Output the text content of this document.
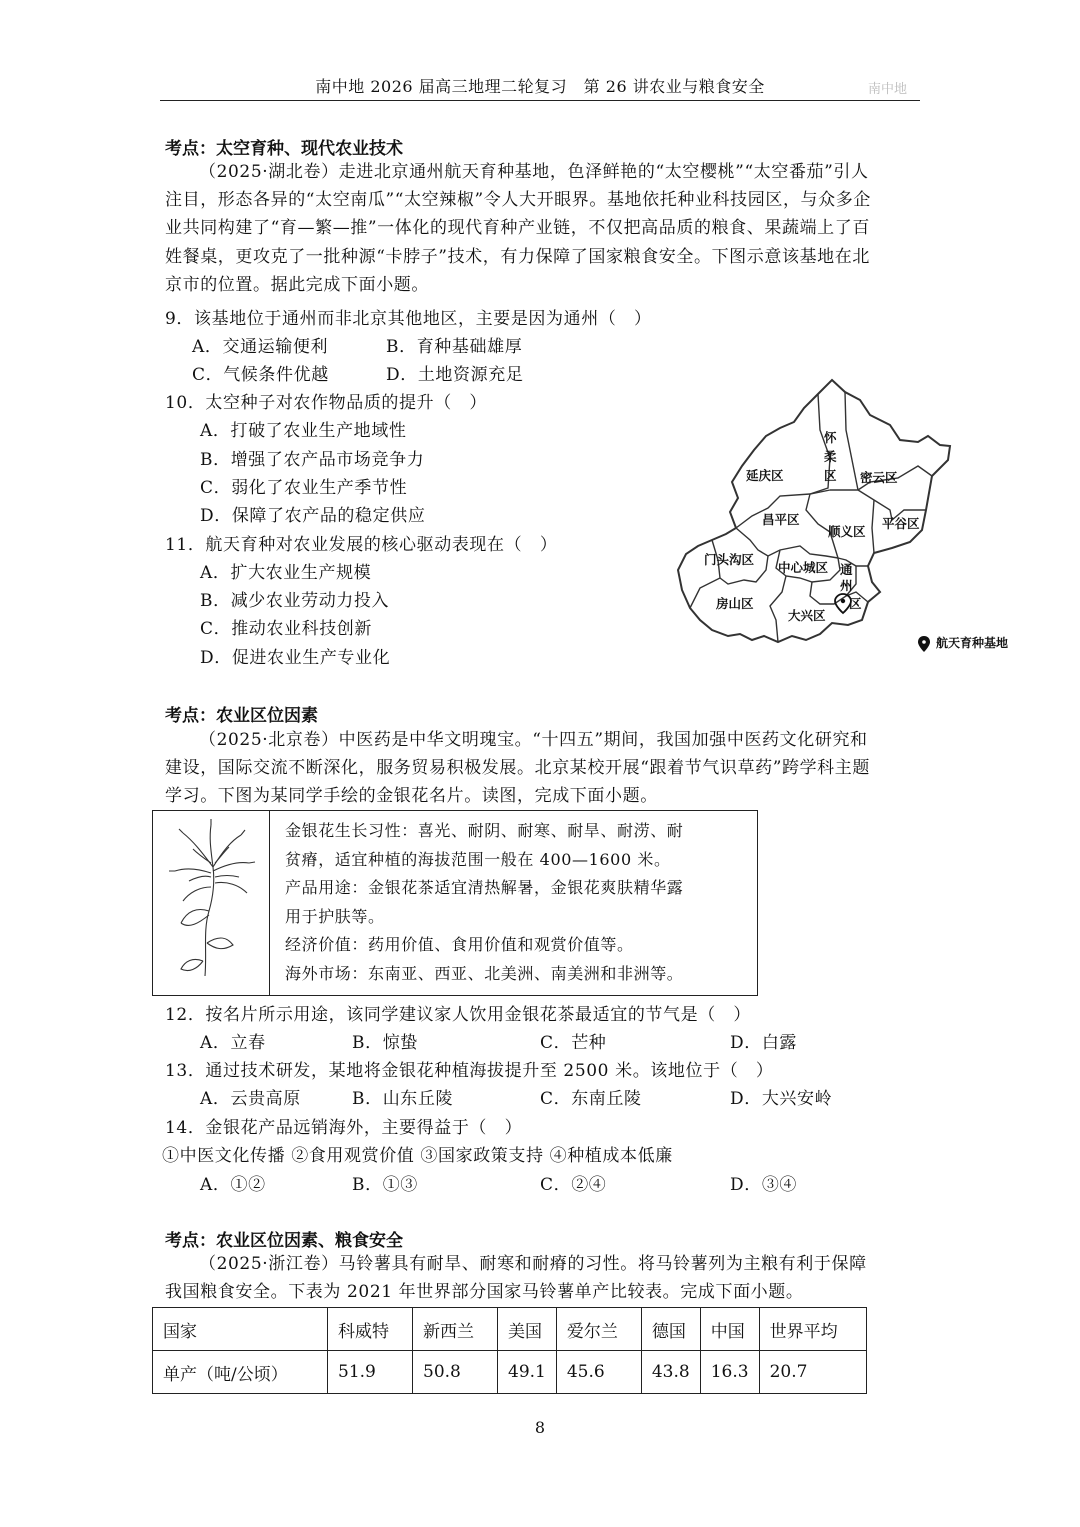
南中地 2026 届高三地理二轮复习　第 26 讲农业与粮食安全	南中地
考点：太空育种、现代农业技术
（2025·湖北卷）走进北京通州航天育种基地，色泽鲜艳的“太空樱桃”“太空番茄”引人
注目，形态各异的“太空南瓜”“太空辣椒”令人大开眼界。基地依托种业科技园区，与众多企
业共同构建了“育—繁—推”一体化的现代育种产业链，不仅把高品质的粮食、果蔬端上了百
姓餐桌，更攻克了一批种源“卡脖子”技术，有力保障了国家粮食安全。下图示意该基地在北
京市的位置。据此完成下面小题。
9．该基地位于通州而非北京其他地区，主要是因为通州（　）
A．交通运输便利	B．育种基础雄厚
C．气候条件优越	D．土地资源充足
10．太空种子对农作物品质的提升（　）
A．打破了农业生产地域性
B．增强了农产品市场竞争力
C．弱化了农业生产季节性
D．保障了农产品的稳定供应
11．航天育种对农业发展的核心驱动表现在（　）
A．扩大农业生产规模
B．减少农业劳动力投入
C．推动农业科技创新
D．促进农业生产专业化
怀
柔
区
延庆区	密云区
昌平区
顺义区
平谷区
门头沟区
中心城区 通
州
区
房山区
大兴区
航天育种基地
考点：农业区位因素
（2025·北京卷）中医药是中华文明瑰宝。“十四五”期间，我国加强中医药文化研究和
建设，国际交流不断深化，服务贸易积极发展。北京某校开展“跟着节气识草药”跨学科主题
学习。下图为某同学手绘的金银花名片。读图，完成下面小题。
金银花生长习性：喜光、耐阴、耐寒、耐旱、耐涝、耐
贫瘠，适宜种植的海拔范围一般在 400—1600 米。
产品用途：金银花茶适宜清热解暑，金银花爽肤精华露
用于护肤等。
经济价值：药用价值、食用价值和观赏价值等。
海外市场：东南亚、西亚、北美洲、南美洲和非洲等。
12．按名片所示用途，该同学建议家人饮用金银花茶最适宜的节气是（　）
A．立春	B．惊蛰	C．芒种	D．白露
13．通过技术研发，某地将金银花种植海拔提升至 2500 米。该地位于（　）
A．云贵高原	B．山东丘陵	C．东南丘陵	D．大兴安岭
14．金银花产品远销海外，主要得益于（　）
①中医文化传播 ②食用观赏价值 ③国家政策支持 ④种植成本低廉
A．①②	B．①③	C．②④	D．③④
考点：农业区位因素、粮食安全
（2025·浙江卷）马铃薯具有耐旱、耐寒和耐瘠的习性。将马铃薯列为主粮有利于保障
我国粮食安全。下表为 2021 年世界部分国家马铃薯单产比较表。完成下面小题。
国家	科威特	新西兰	美国	爱尔兰	德国	中国	世界平均
单产（吨/公顷）	51.9	50.8	49.1	45.6	43.8	16.3	20.7
8
